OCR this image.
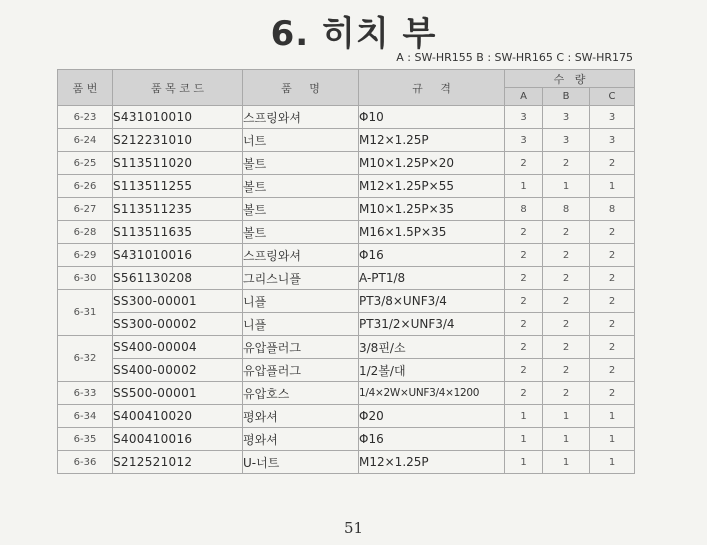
6. 히치 부
A : SW-HR155 B : SW-HR165 C : SW-HR175
품 번	품 목 코 드	품     명	규     격	수   량		
				A	B	C
6-23	S431010010	스프링와셔	Φ10	3	3	3
6-24	S212231010	너트	M12×1.25P	3	3	3
6-25	S113511020	볼트	M10×1.25P×20	2	2	2
6-26	S113511255	볼트	M12×1.25P×55	1	1	1
6-27	S113511235	볼트	M10×1.25P×35	8	8	8
6-28	S113511635	볼트	M16×1.5P×35	2	2	2
6-29	S431010016	스프링와셔	Φ16	2	2	2
6-30	S561130208	그리스니플	A-PT1/8	2	2	2
6-31	SS300-00001	니플	PT3/8×UNF3/4	2	2	2
	SS300-00002	니플	PT31/2×UNF3/4	2	2	2
6-32	SS400-00004	유압플러그	3/8핀/소	2	2	2
	SS400-00002	유압플러그	1/2볼/대	2	2	2
6-33	SS500-00001	유압호스	1/4×2W×UNF3/4×1200	2	2	2
6-34	S400410020	평와셔	Φ20	1	1	1
6-35	S400410016	평와셔	Φ16	1	1	1
6-36	S212521012	U-너트	M12×1.25P	1	1	1
51
